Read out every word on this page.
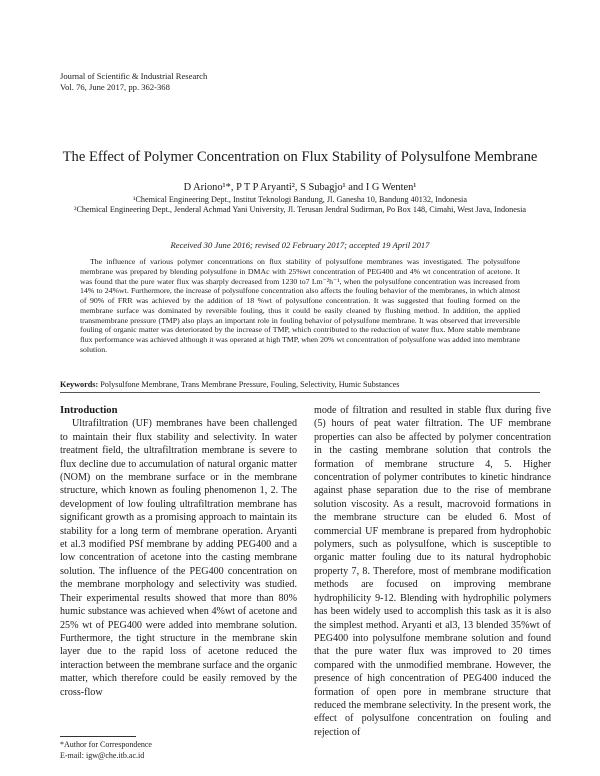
Journal of Scientific & Industrial Research
Vol. 76, June 2017, pp. 362-368
The Effect of Polymer Concentration on Flux Stability of Polysulfone Membrane
D Ariono¹*, P T P Aryanti², S Subagjo¹ and I G Wenten¹
¹Chemical Engineering Dept., Institut Teknologi Bandung, Jl. Ganesha 10, Bandung 40132, Indonesia
²Chemical Engineering Dept., Jenderal Achmad Yani University, Jl. Terusan Jendral Sudirman, Po Box 148, Cimahi, West Java, Indonesia
Received 30 June 2016; revised 02 February 2017; accepted 19 April 2017

The influence of various polymer concentrations on flux stability of polysulfone membranes was investigated. The polysulfone membrane was prepared by blending polysulfone in DMAc with 25%wt concentration of PEG400 and 4% wt concentration of acetone. It was found that the pure water flux was sharply decreased from 1230 to7 Lm⁻²h⁻¹, when the polysulfone concentration was increased from 14% to 24%wt. Furthermore, the increase of polysulfone concentration also affects the fouling behavior of the membranes, in which almost of 90% of FRR was achieved by the addition of 18 %wt of polysulfone concentration. It was suggested that fouling formed on the membrane surface was dominated by reversible fouling, thus it could be easily cleaned by flushing method. In addition, the applied transmembrane pressure (TMP) also plays an important role in fouling behavior of polysulfone membrane. It was observed that irreversible fouling of organic matter was deteriorated by the increase of TMP, which contributed to the reduction of water flux. More stable membrane flux performance was achieved although it was operated at high TMP, when 20% wt concentration of polysulfone was added into membrane solution.

Keywords: Polysulfone Membrane, Trans Membrane Pressure, Fouling, Selectivity, Humic Substances
Introduction

Ultrafiltration (UF) membranes have been challenged to maintain their flux stability and selectivity. In water treatment field, the ultrafiltration membrane is severe to flux decline due to accumulation of natural organic matter (NOM) on the membrane surface or in the membrane structure, which known as fouling phenomenon 1, 2. The development of low fouling ultrafiltration membrane has significant growth as a promising approach to maintain its stability for a long term of membrane operation. Aryanti et al.3 modified PSf membrane by adding PEG400 and a low concentration of acetone into the casting membrane solution. The influence of the PEG400 concentration on the membrane morphology and selectivity was studied. Their experimental results showed that more than 80% humic substance was achieved when 4%wt of acetone and 25% wt of PEG400 were added into membrane solution. Furthermore, the tight structure in the membrane skin layer due to the rapid loss of acetone reduced the interaction between the membrane surface and the organic matter, which therefore could be easily removed by the cross-flow

mode of filtration and resulted in stable flux during five (5) hours of peat water filtration. The UF membrane properties can also be affected by polymer concentration in the casting membrane solution that controls the formation of membrane structure 4, 5. Higher concentration of polymer contributes to kinetic hindrance against phase separation due to the rise of membrane solution viscosity. As a result, macrovoid formations in the membrane structure can be eluded 6. Most of commercial UF membrane is prepared from hydrophobic polymers, such as polysulfone, which is susceptible to organic matter fouling due to its natural hydrophobic property 7, 8. Therefore, most of membrane modification methods are focused on improving membrane hydrophilicity 9-12. Blending with hydrophilic polymers has been widely used to accomplish this task as it is also the simplest method. Aryanti et al3, 13 blended 35%wt of PEG400 into polysulfone membrane solution and found that the pure water flux was improved to 20 times compared with the unmodified membrane. However, the presence of high concentration of PEG400 induced the formation of open pore in membrane structure that reduced the membrane selectivity. In the present work, the effect of polysulfone concentration on fouling and rejection of

*Author for Correspondence
E-mail: igw@che.itb.ac.id
